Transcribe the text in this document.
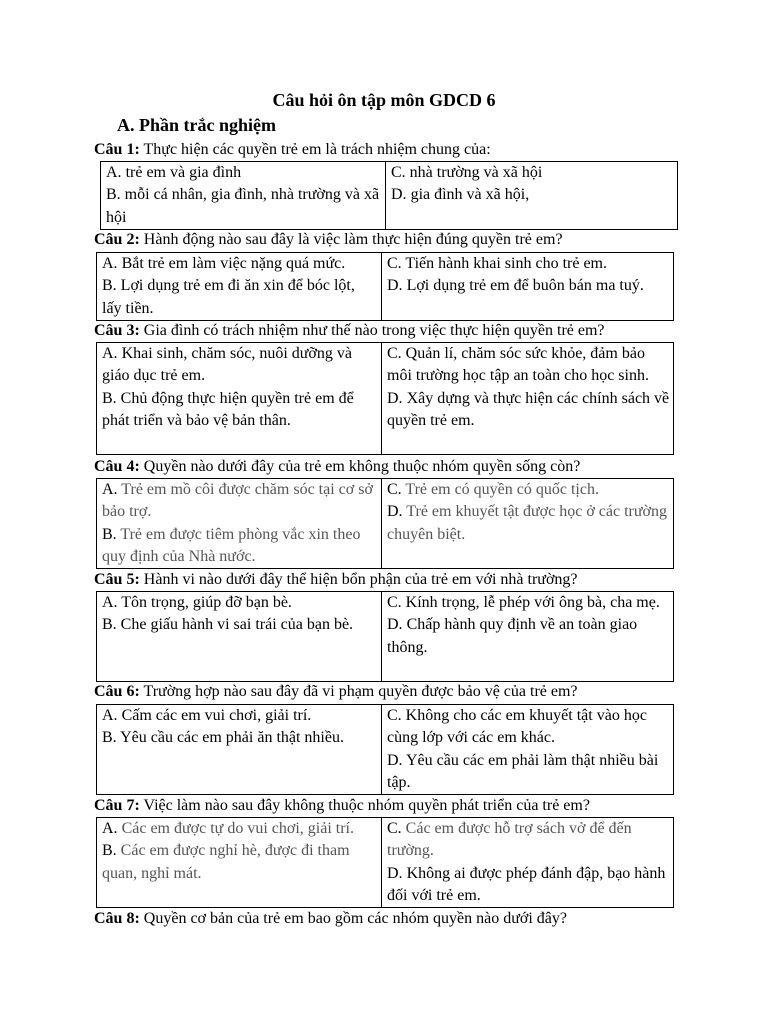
Câu hỏi ôn tập môn GDCD 6
A. Phần trắc nghiệm
Câu 1: Thực hiện các quyền trẻ em là trách nhiệm chung của:
A. trẻ em và gia đình
B. mỗi cá nhân, gia đình, nhà trường và xã hội

C. nhà trường và xã hội
D. gia đình và xã hội,
Câu 2: Hành động nào sau đây là việc làm thực hiện đúng quyền trẻ em?
A. Bắt trẻ em làm việc nặng quá mức.
B. Lợi dụng trẻ em đi ăn xin để bóc lột, lấy tiền.

C. Tiến hành khai sinh cho trẻ em.
D. Lợi dụng trẻ em để buôn bán ma tuý.
Câu 3: Gia đình có trách nhiệm như thế nào trong việc thực hiện quyền trẻ em?
A. Khai sinh, chăm sóc, nuôi dưỡng và giáo dục trẻ em.
B. Chủ động thực hiện quyền trẻ em để phát triển và bảo vệ bản thân.

C. Quản lí, chăm sóc sức khỏe, đảm bảo môi trường học tập an toàn cho học sinh.
D. Xây dựng và thực hiện các chính sách về quyền trẻ em.
Câu 4: Quyền nào dưới đây của trẻ em không thuộc nhóm quyền sống còn?
A. Trẻ em mồ côi được chăm sóc tại cơ sở bảo trợ.
B. Trẻ em được tiêm phòng vắc xin theo quy định của Nhà nước.

C. Trẻ em có quyền có quốc tịch.
D. Trẻ em khuyết tật được học ở các trường chuyên biệt.
Câu 5: Hành vi nào dưới đây thể hiện bổn phận của trẻ em với nhà trường?
A. Tôn trọng, giúp đỡ bạn bè.
B. Che giấu hành vi sai trái của bạn bè.

C. Kính trọng, lễ phép với ông bà, cha mẹ.
D. Chấp hành quy định về an toàn giao thông.
Câu 6: Trường hợp nào sau đây đã vi phạm quyền được bảo vệ của trẻ em?
A. Cấm các em vui chơi, giải trí.
B. Yêu cầu các em phải ăn thật nhiều.

C. Không cho các em khuyết tật vào học cùng lớp với các em khác.
D. Yêu cầu các em phải làm thật nhiều bài tập.
Câu 7: Việc làm nào sau đây không thuộc nhóm quyền phát triển của trẻ em?
A. Các em được tự do vui chơi, giải trí.
B. Các em được nghỉ hè, được đi tham quan, nghỉ mát.

C. Các em được hỗ trợ sách vở để đến trường.
D. Không ai được phép đánh đập, bạo hành đối với trẻ em.
Câu 8: Quyền cơ bản của trẻ em bao gồm các nhóm quyền nào dưới đây?
